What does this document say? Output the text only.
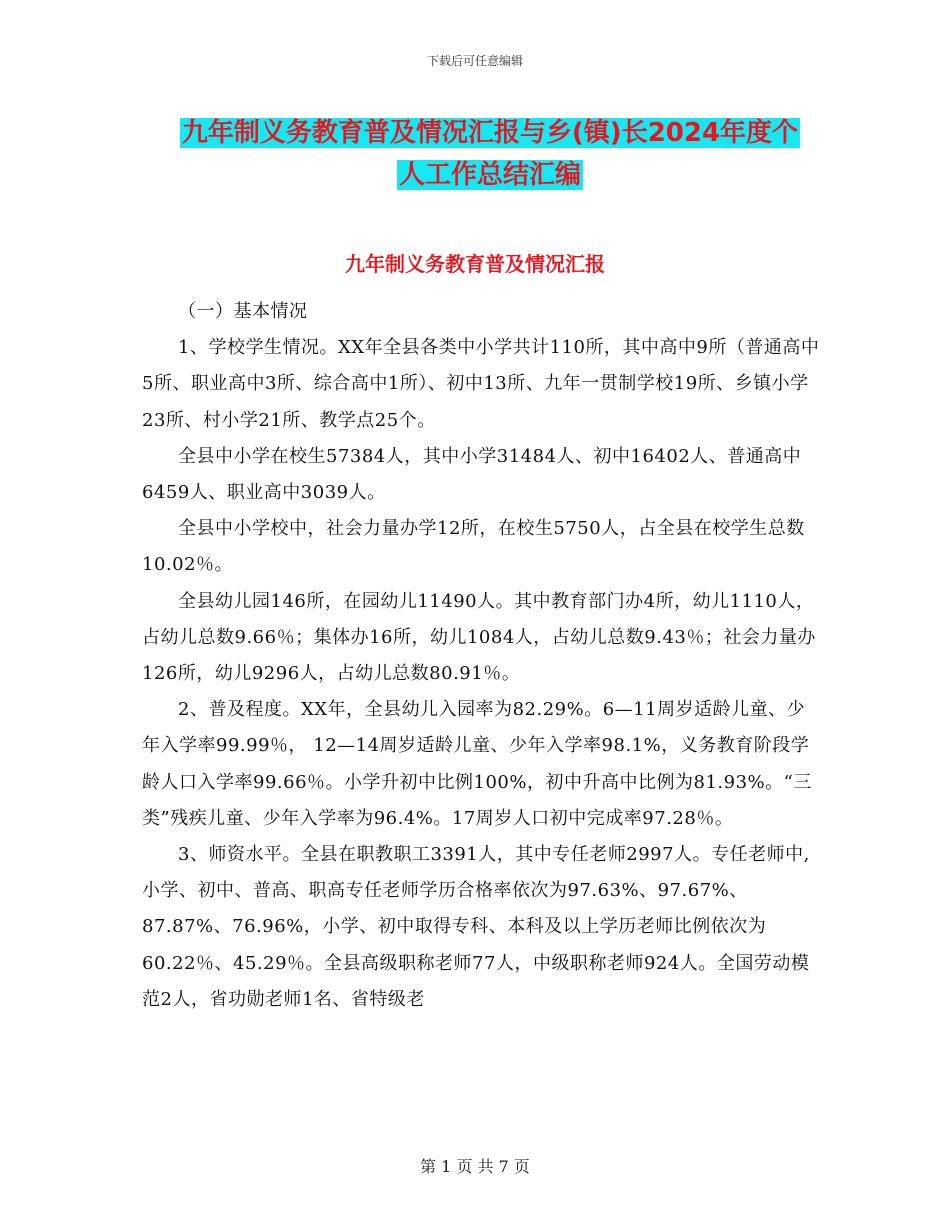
下载后可任意编辑
九年制义务教育普及情况汇报与乡(镇)长2024年度个
人工作总结汇编
九年制义务教育普及情况汇报

（一）基本情况

1、学校学生情况。XX年全县各类中小学共计110所，其中高中9所（普通高中5所、职业高中3所、综合高中1所）、初中13所、九年一贯制学校19所、乡镇小学23所、村小学21所、教学点25个。

全县中小学在校生57384人，其中小学31484人、初中16402人、普通高中6459人、职业高中3039人。

全县中小学校中，社会力量办学12所，在校生5750人，占全县在校学生总数10.02％。

全县幼儿园146所，在园幼儿11490人。其中教育部门办4所，幼儿1110人，占幼儿总数9.66％；集体办16所，幼儿1084人，占幼儿总数9.43％；社会力量办126所，幼儿9296人，占幼儿总数80.91％。

2、普及程度。XX年，全县幼儿入园率为82.29%。6—11周岁适龄儿童、少年入学率99.99％， 12—14周岁适龄儿童、少年入学率98.1%，义务教育阶段学龄人口入学率99.66％。小学升初中比例100%，初中升高中比例为81.93%。“三类”残疾儿童、少年入学率为96.4%。17周岁人口初中完成率97.28％。

3、师资水平。全县在职教职工3391人，其中专任老师2997人。专任老师中,小学、初中、普高、职高专任老师学历合格率依次为97.63%、97.67%、87.87%、76.96%，小学、初中取得专科、本科及以上学历老师比例依次为60.22％、45.29％。全县高级职称老师77人，中级职称老师924人。全国劳动模范2人，省功勋老师1名、省特级老

第 1 页 共 7 页
